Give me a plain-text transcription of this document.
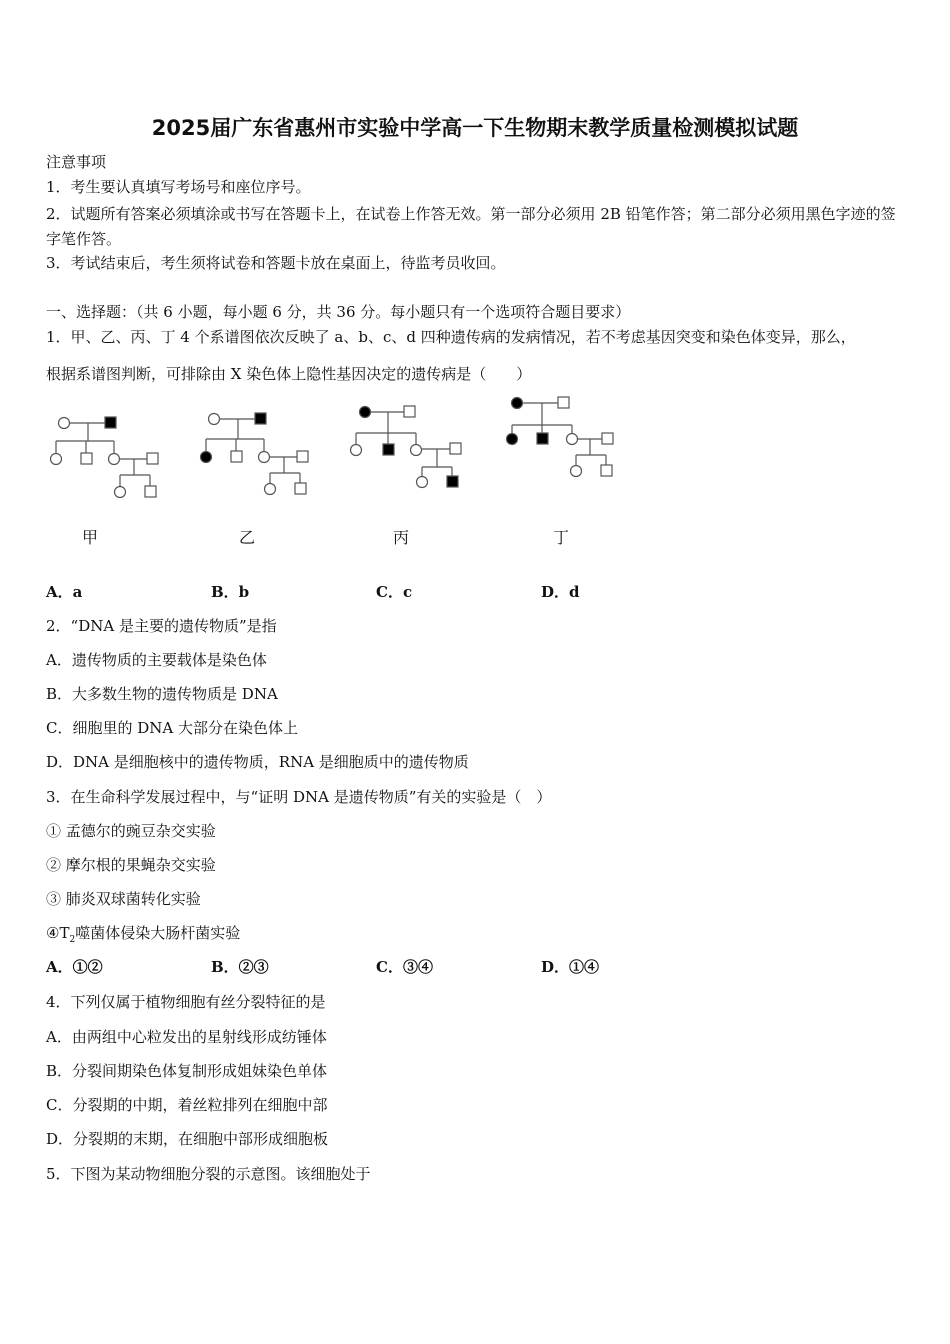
2025届广东省惠州市实验中学高一下生物期末教学质量检测模拟试题
注意事项
1．考生要认真填写考场号和座位序号。
2．试题所有答案必须填涂或书写在答题卡上，在试卷上作答无效。第一部分必须用 2B 铅笔作答；第二部分必须用黑色字迹的签字笔作答。
3．考试结束后，考生须将试卷和答题卡放在桌面上，待监考员收回。
一、选择题：（共 6 小题，每小题 6 分，共 36 分。每小题只有一个选项符合题目要求）
1．甲、乙、丙、丁 4 个系谱图依次反映了 a、b、c、d 四种遗传病的发病情况，若不考虑基因突变和染色体变异，那么，
根据系谱图判断，可排除由 X 染色体上隐性基因决定的遗传病是（　　）
甲	乙	丙	丁
A．a	B．b	C．c	D．d
2．“DNA 是主要的遗传物质”是指
A．遗传物质的主要载体是染色体
B．大多数生物的遗传物质是 DNA
C．细胞里的 DNA 大部分在染色体上
D．DNA 是细胞核中的遗传物质，RNA 是细胞质中的遗传物质
3．在生命科学发展过程中，与“证明 DNA 是遗传物质”有关的实验是（　）
① 孟德尔的豌豆杂交实验
② 摩尔根的果蝇杂交实验
③ 肺炎双球菌转化实验
$④T_2$噬菌体侵染大肠杆菌实验
A．①②	B．②③	C．③④	D．①④
4．下列仅属于植物细胞有丝分裂特征的是
A．由两组中心粒发出的星射线形成纺锤体
B．分裂间期染色体复制形成姐妹染色单体
C．分裂期的中期，着丝粒排列在细胞中部
D．分裂期的末期，在细胞中部形成细胞板
5．下图为某动物细胞分裂的示意图。该细胞处于
